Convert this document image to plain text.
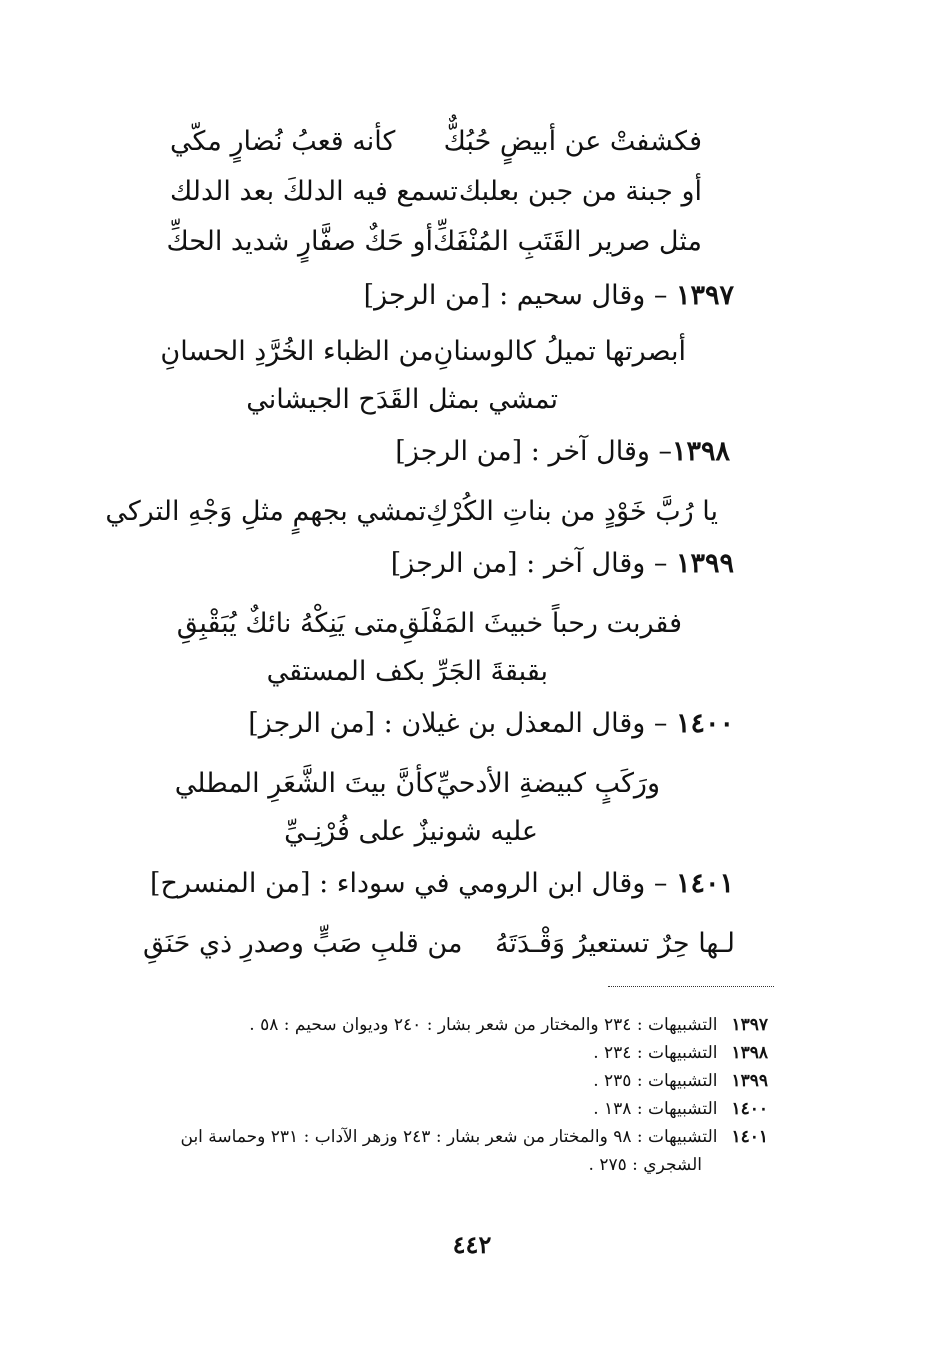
فكشفتْ عن أبيضٍ حُبُكٌّ
كأنه قعبُ نُضارٍ مكّي
أو جبنة من جبن بعلبك
تسمع فيه الدلكَ بعد الدلك
مثل صرير القَتَبِ المُنْفَكِّ
أو حَكٌ صفَّارٍ شديد الحكِّ
١٣٩٧ – وقال سحيم : [من الرجز]
أبصرتها تميلُ كالوسنانِ
من الظباء الخُرَّدِ الحسانِ
تمشي بمثل القَدَح الجيشاني
١٣٩٨– وقال آخر : [من الرجز]
يا رُبَّ خَوْدٍ من بناتِ الكُرْكِ
تمشي بجهمٍ مثلِ وَجْهِ التركي
١٣٩٩ – وقال آخر : [من الرجز]
فقربت رحباً خبيثَ المَفْلَقِ
متى يَنِكْهُ نائكٌ يُبَقْبِقِ
بقبقةَ الجَرِّ بكف المستقي
١٤٠٠ – وقال المعذل بن غيلان : [من الرجز]
ورَكَبٍ كبيضةِ الأدحيِّ
كأنَّ بيتَ الشَّعَرِ المطلي
عليه شونيزٌ على فُرْنِـيِّ
١٤٠١ – وقال ابن الرومي في سوداء : [من المنسرح]
لـها حِرٌ تستعيرُ وَقْـدَتَهُ
من قلبِ صَبٍّ وصدرِ ذي حَنَقِ
١٣٩٧التشبيهات : ٢٣٤ والمختار من شعر بشار : ٢٤٠ وديوان سحيم : ٥٨ .
١٣٩٨التشبيهات : ٢٣٤ .
١٣٩٩التشبيهات : ٢٣٥ .
١٤٠٠التشبيهات : ١٣٨ .
١٤٠١التشبيهات : ٩٨ والمختار من شعر بشار : ٢٤٣ وزهر الآداب : ٢٣١ وحماسة ابن
الشجري : ٢٧٥ .
٤٤٢
